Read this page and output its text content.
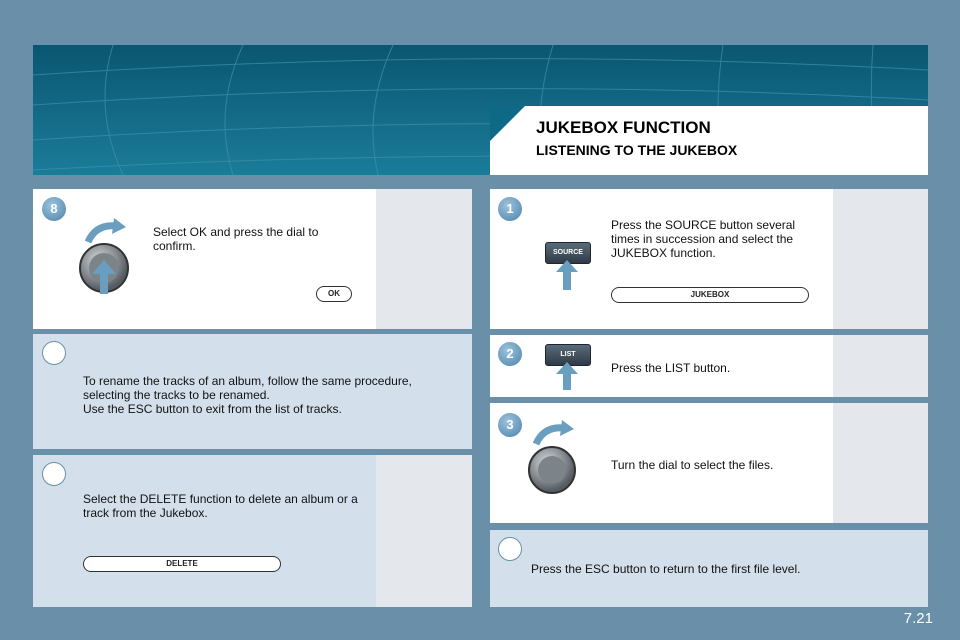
JUKEBOX FUNCTION
LISTENING TO THE JUKEBOX
8
Select OK and press the dial to confirm.
OK
To rename the tracks of an album, follow the same procedure, selecting the tracks to be renamed.
Use the ESC button to exit from the list of tracks.
Select the DELETE function to delete an album or a track from the Jukebox.
DELETE
1
SOURCE
Press the SOURCE button several times in succession and select the JUKEBOX function.
JUKEBOX
2	LIST
Press the LIST button.
3
Turn the dial to select the files.
Press the ESC button to return to the first file level.
7.21
